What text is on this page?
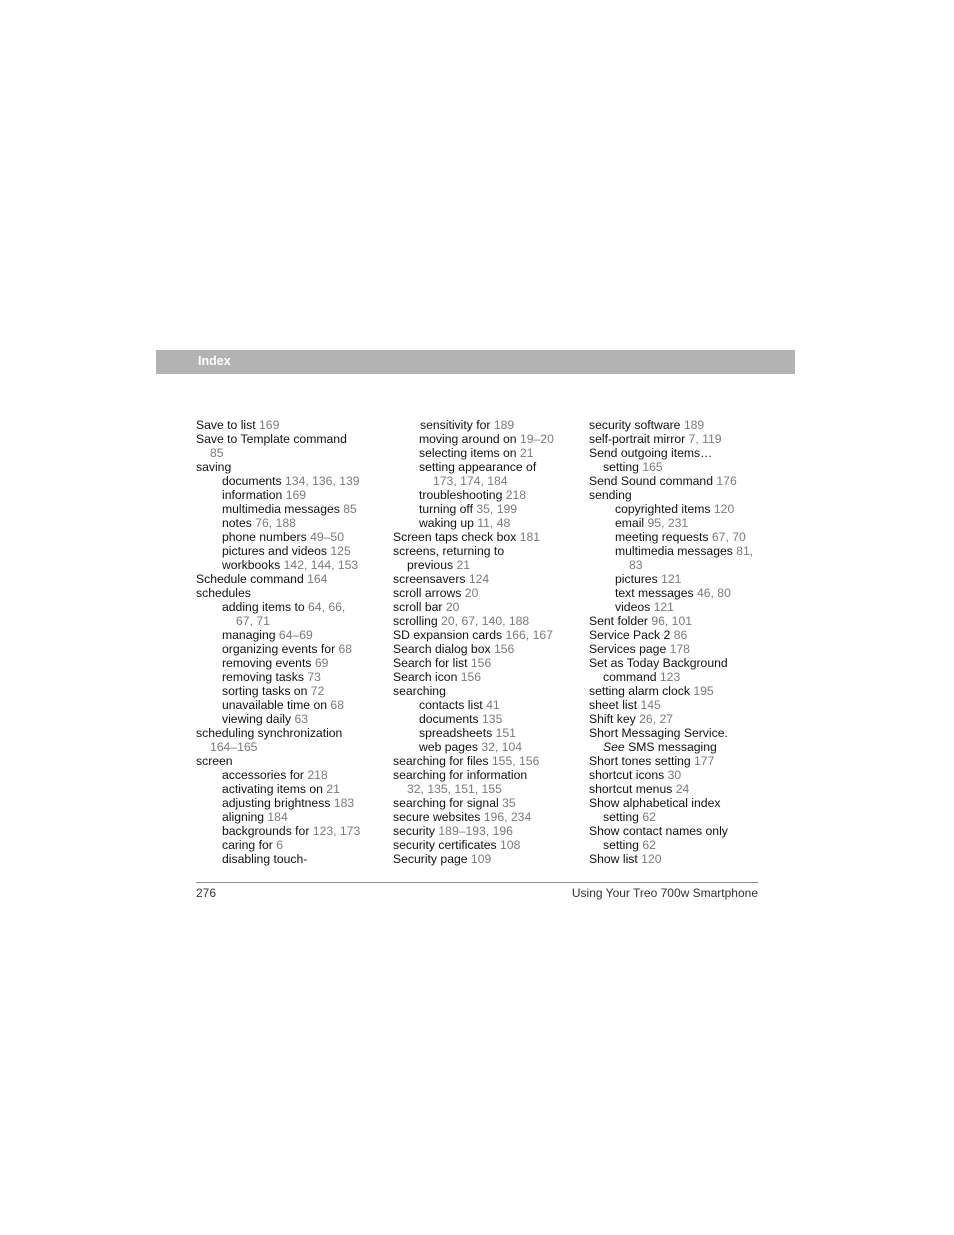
Index
Save to list 169
Save to Template command
85
saving
documents 134, 136, 139
information 169
multimedia messages 85
notes 76, 188
phone numbers 49–50
pictures and videos 125
workbooks 142, 144, 153
Schedule command 164
schedules
adding items to 64, 66,
67, 71
managing 64–69
organizing events for 68
removing events 69
removing tasks 73
sorting tasks on 72
unavailable time on 68
viewing daily 63
scheduling synchronization
164–165
screen
accessories for 218
activating items on 21
adjusting brightness 183
aligning 184
backgrounds for 123, 173
caring for 6
disabling touch-
sensitivity for 189
moving around on 19–20
selecting items on 21
setting appearance of
173, 174, 184
troubleshooting 218
turning off 35, 199
waking up 11, 48
Screen taps check box 181
screens, returning to
previous 21
screensavers 124
scroll arrows 20
scroll bar 20
scrolling 20, 67, 140, 188
SD expansion cards 166, 167
Search dialog box 156
Search for list 156
Search icon 156
searching
contacts list 41
documents 135
spreadsheets 151
web pages 32, 104
searching for files 155, 156
searching for information
32, 135, 151, 155
searching for signal 35
secure websites 196, 234
security 189–193, 196
security certificates 108
Security page 109
security software 189
self-portrait mirror 7, 119
Send outgoing items…
setting 165
Send Sound command 176
sending
copyrighted items 120
email 95, 231
meeting requests 67, 70
multimedia messages 81,
83
pictures 121
text messages 46, 80
videos 121
Sent folder 96, 101
Service Pack 2 86
Services page 178
Set as Today Background
command 123
setting alarm clock 195
sheet list 145
Shift key 26, 27
Short Messaging Service.
See SMS messaging
Short tones setting 177
shortcut icons 30
shortcut menus 24
Show alphabetical index
setting 62
Show contact names only
setting 62
Show list 120
276	Using Your Treo 700w Smartphone
